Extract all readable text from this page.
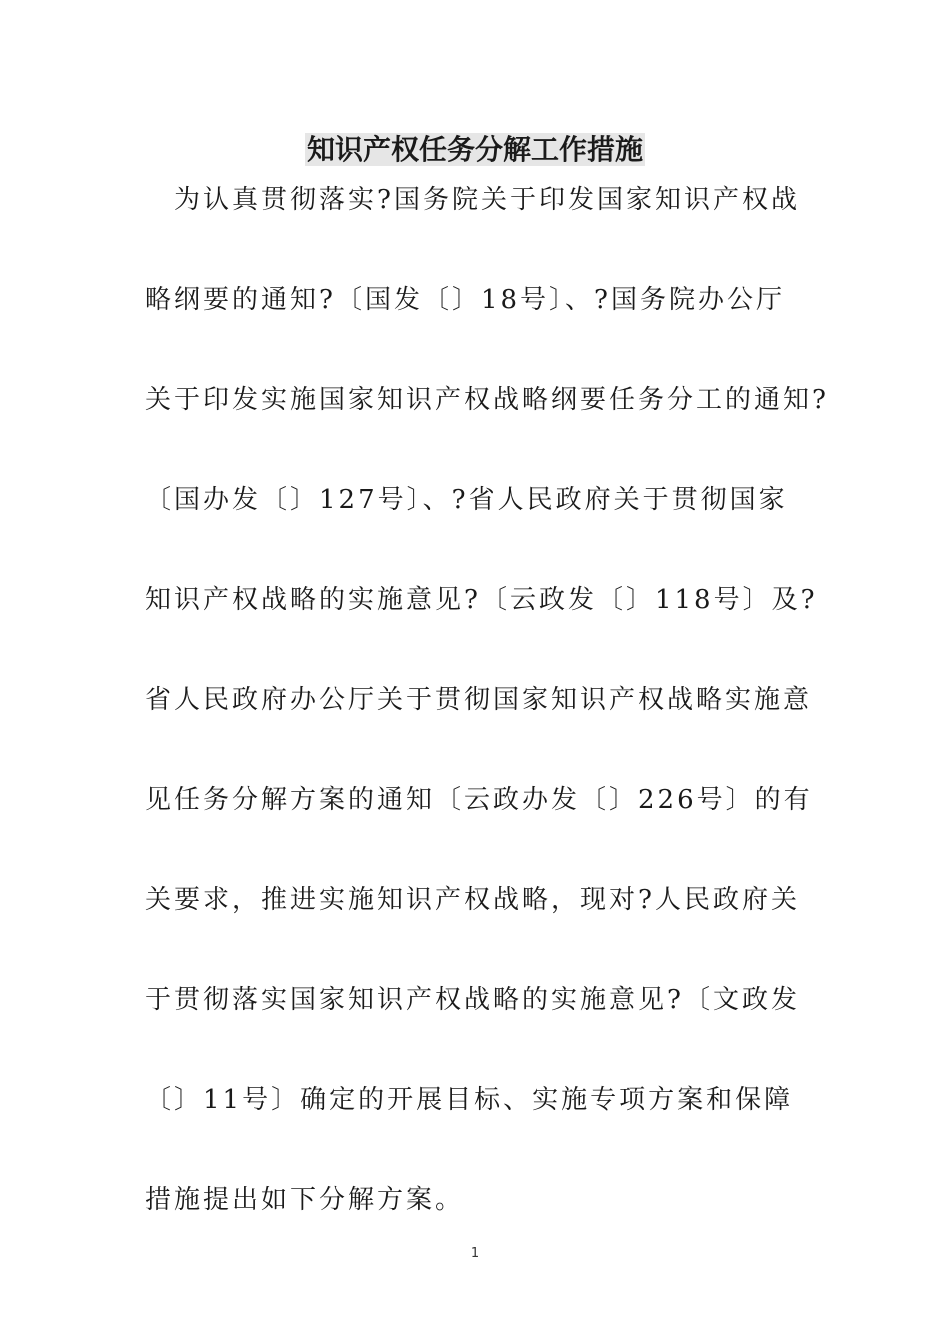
知识产权任务分解工作措施
　为认真贯彻落实?国务院关于印发国家知识产权战
略纲要的通知?〔国发〔〕18号〕、?国务院办公厅
关于印发实施国家知识产权战略纲要任务分工的通知?
〔国办发〔〕127号〕、?省人民政府关于贯彻国家
知识产权战略的实施意见?〔云政发〔〕118号〕及?
省人民政府办公厅关于贯彻国家知识产权战略实施意
见任务分解方案的通知〔云政办发〔〕226号〕的有
关要求，推进实施知识产权战略，现对?人民政府关
于贯彻落实国家知识产权战略的实施意见?〔文政发
〔〕11号〕确定的开展目标、实施专项方案和保障
措施提出如下分解方案。
1
